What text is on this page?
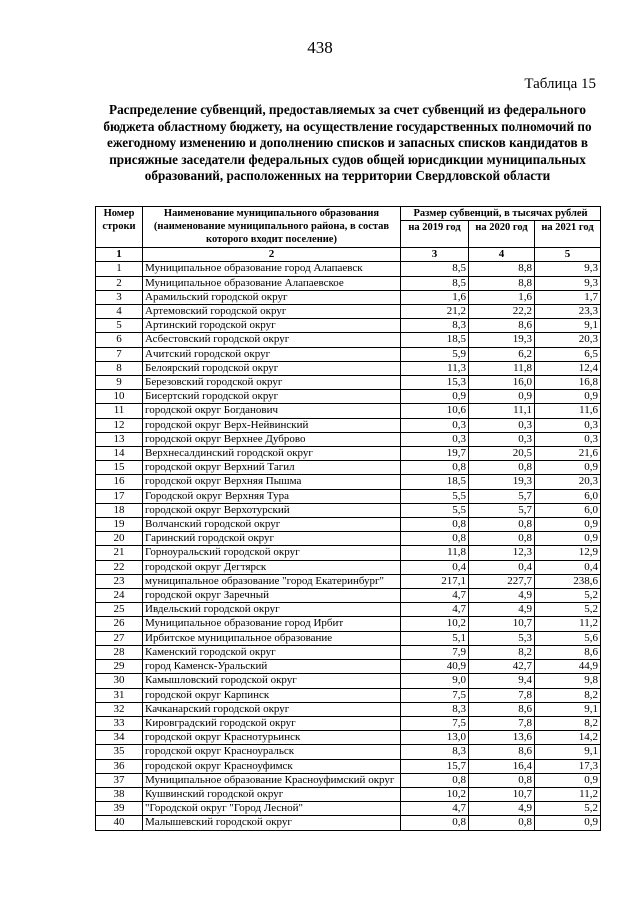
438
Таблица 15
Распределение субвенций, предоставляемых за счет субвенций из федерального бюджета областному бюджету, на осуществление государственных полномочий по ежегодному изменению и дополнению списков и запасных списков кандидатов в присяжные заседатели федеральных судов общей юрисдикции муниципальных образований, расположенных на территории Свердловской области
Номер строки	Наименование муниципального образования (наименование муниципального района, в состав которого входит поселение)	Размер субвенций, в тысячах рублей		
		на 2019 год	на 2020 год	на 2021 год
1	2	3	4	5
1	Муниципальное образование город Алапаевск	8,5	8,8	9,3
2	Муниципальное образование Алапаевское	8,5	8,8	9,3
3	Арамильский городской округ	1,6	1,6	1,7
4	Артемовский городской округ	21,2	22,2	23,3
5	Артинский городской округ	8,3	8,6	9,1
6	Асбестовский городской округ	18,5	19,3	20,3
7	Ачитский городской округ	5,9	6,2	6,5
8	Белоярский городской округ	11,3	11,8	12,4
9	Березовский городской округ	15,3	16,0	16,8
10	Бисертский городской округ	0,9	0,9	0,9
11	городской округ Богданович	10,6	11,1	11,6
12	городской округ Верх-Нейвинский	0,3	0,3	0,3
13	городской округ Верхнее Дуброво	0,3	0,3	0,3
14	Верхнесалдинский городской округ	19,7	20,5	21,6
15	городской округ Верхний Тагил	0,8	0,8	0,9
16	городской округ Верхняя Пышма	18,5	19,3	20,3
17	Городской округ Верхняя Тура	5,5	5,7	6,0
18	городской округ Верхотурский	5,5	5,7	6,0
19	Волчанский городской округ	0,8	0,8	0,9
20	Гаринский городской округ	0,8	0,8	0,9
21	Горноуральский городской округ	11,8	12,3	12,9
22	городской округ Дегтярск	0,4	0,4	0,4
23	муниципальное образование "город Екатеринбург"	217,1	227,7	238,6
24	городской округ Заречный	4,7	4,9	5,2
25	Ивдельский городской округ	4,7	4,9	5,2
26	Муниципальное образование город Ирбит	10,2	10,7	11,2
27	Ирбитское муниципальное образование	5,1	5,3	5,6
28	Каменский городской округ	7,9	8,2	8,6
29	город Каменск-Уральский	40,9	42,7	44,9
30	Камышловский городской округ	9,0	9,4	9,8
31	городской округ Карпинск	7,5	7,8	8,2
32	Качканарский городской округ	8,3	8,6	9,1
33	Кировградский городской округ	7,5	7,8	8,2
34	городской округ Краснотурьинск	13,0	13,6	14,2
35	городской округ Красноуральск	8,3	8,6	9,1
36	городской округ Красноуфимск	15,7	16,4	17,3
37	Муниципальное образование Красноуфимский округ	0,8	0,8	0,9
38	Кушвинский городской округ	10,2	10,7	11,2
39	"Городской округ "Город Лесной"	4,7	4,9	5,2
40	Малышевский городской округ	0,8	0,8	0,9
